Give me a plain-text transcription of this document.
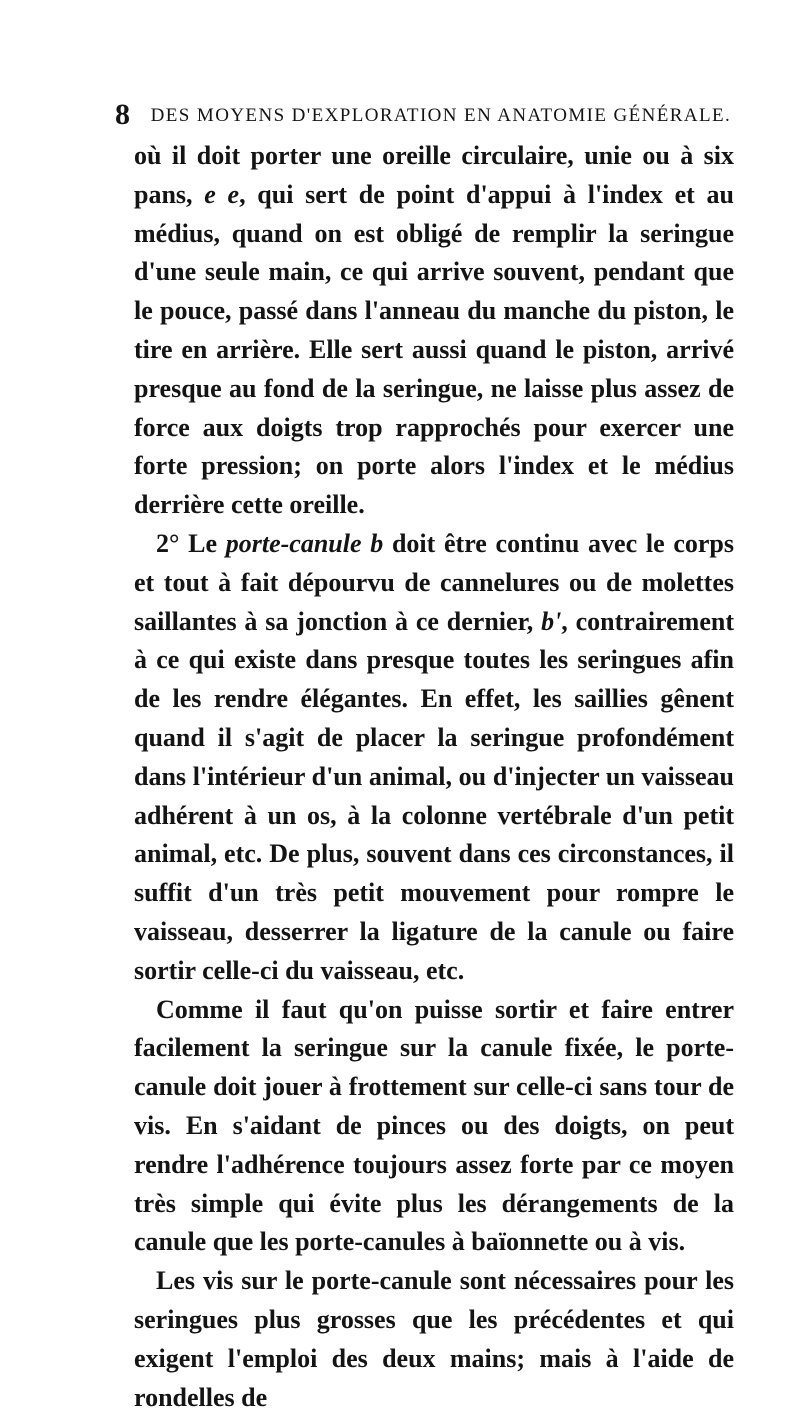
8 DES MOYENS D'EXPLORATION EN ANATOMIE GÉNÉRALE.

où il doit porter une oreille circulaire, unie ou à six pans, e e, qui sert de point d'appui à l'index et au médius, quand on est obligé de remplir la seringue d'une seule main, ce qui arrive souvent, pendant que le pouce, passé dans l'anneau du manche du piston, le tire en arrière. Elle sert aussi quand le piston, arrivé presque au fond de la seringue, ne laisse plus assez de force aux doigts trop rapprochés pour exercer une forte pression; on porte alors l'index et le médius derrière cette oreille.

2° Le porte-canule b doit être continu avec le corps et tout à fait dépourvu de cannelures ou de molettes saillantes à sa jonction à ce dernier, b', contrairement à ce qui existe dans presque toutes les seringues afin de les rendre élégantes. En effet, les saillies gênent quand il s'agit de placer la seringue profondément dans l'intérieur d'un animal, ou d'injecter un vaisseau adhérent à un os, à la colonne vertébrale d'un petit animal, etc. De plus, souvent dans ces circonstances, il suffit d'un très petit mouvement pour rompre le vaisseau, desserrer la ligature de la canule ou faire sortir celle-ci du vaisseau, etc.

Comme il faut qu'on puisse sortir et faire entrer facilement la seringue sur la canule fixée, le porte-canule doit jouer à frottement sur celle-ci sans tour de vis. En s'aidant de pinces ou des doigts, on peut rendre l'adhérence toujours assez forte par ce moyen très simple qui évite plus les dérangements de la canule que les porte-canules à baïonnette ou à vis.

Les vis sur le porte-canule sont nécessaires pour les seringues plus grosses que les précédentes et qui exigent l'emploi des deux mains; mais à l'aide de rondelles de
